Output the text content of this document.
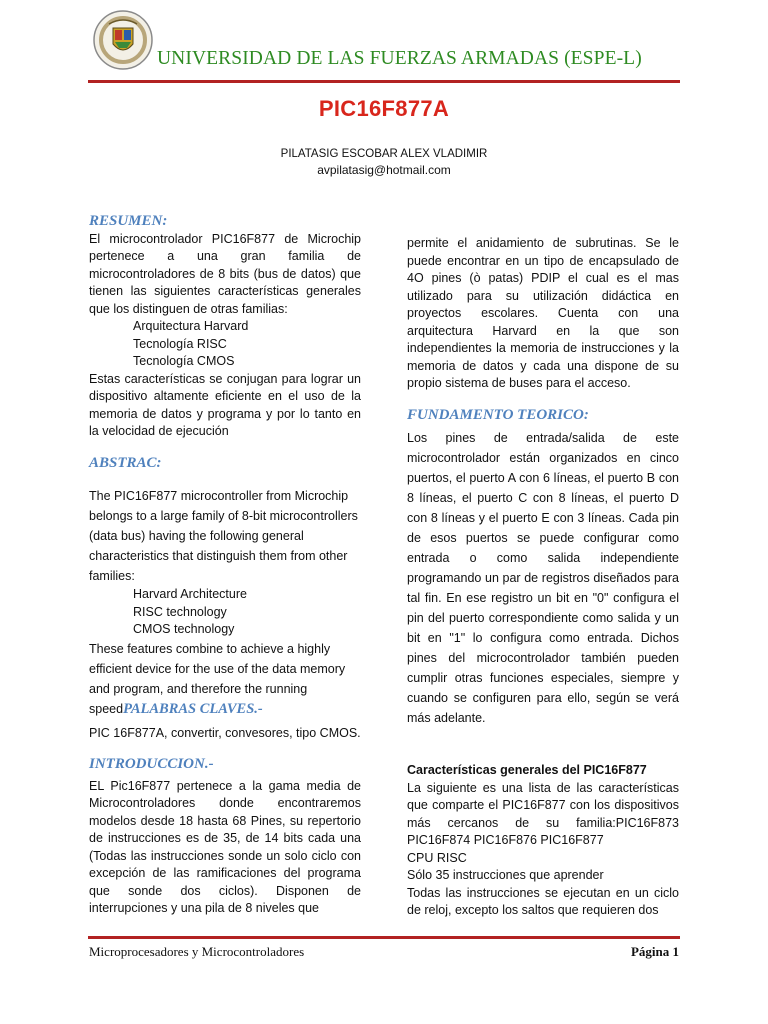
UNIVERSIDAD DE LAS FUERZAS ARMADAS (ESPE-L)
PIC16F877A
PILATASIG ESCOBAR ALEX VLADIMIR
avpilatasig@hotmail.com
RESUMEN:

El microcontrolador PIC16F877 de Microchip pertenece a una gran familia de microcontroladores de 8 bits (bus de datos) que tienen las siguientes características generales que los distinguen de otras familias:

Arquitectura Harvard
Tecnología RISC
Tecnología CMOS

Estas características se conjugan para lograr un dispositivo altamente eficiente en el uso de la memoria de datos y programa y por lo tanto en la velocidad de ejecución

ABSTRAC:

The PIC16F877 microcontroller from Microchip belongs to a large family of 8-bit microcontrollers (data bus) having the following general characteristics that distinguish them from other families:

Harvard Architecture
RISC technology
CMOS technology

These features combine to achieve a highly efficient device for the use of the data memory and program, and therefore the running speedPALABRAS CLAVES.-

PIC 16F877A, convertir, convesores, tipo CMOS.

INTRODUCCION.-

EL Pic16F877 pertenece a la gama media de Microcontroladores donde encontraremos modelos desde 18 hasta 68 Pines, su repertorio de instrucciones es de 35, de 14 bits cada una (Todas las instrucciones sonde un solo ciclo con excepción de las ramificaciones del programa que sonde dos ciclos). Disponen de interrupciones y una pila de 8 niveles que

permite el anidamiento de subrutinas. Se le puede encontrar en un tipo de encapsulado de 4O pines (ò patas) PDIP el cual es el mas utilizado para su utilización didáctica en proyectos escolares. Cuenta con una arquitectura Harvard en la que son independientes la memoria de instrucciones y la memoria de datos y cada una dispone de su propio sistema de buses para el acceso.

FUNDAMENTO TEORICO:

Los pines de entrada/salida de este microcontrolador están organizados en cinco puertos, el puerto A con 6 líneas, el puerto B con 8 líneas, el puerto C con 8 líneas, el puerto D con 8 líneas y el puerto E con 3 líneas. Cada pin de esos puertos se puede configurar como entrada o como salida independiente programando un par de registros diseñados para tal fin. En ese registro un bit en "0" configura el pin del puerto correspondiente como salida y un bit en "1" lo configura como entrada. Dichos pines del microcontrolador también pueden cumplir otras funciones especiales, siempre y cuando se configuren para ello, según se verá más adelante.

Características generales del PIC16F877

La siguiente es una lista de las características que comparte el PIC16F877 con los dispositivos más cercanos de su familia:PIC16F873 PIC16F874 PIC16F876 PIC16F877

CPU RISC

Sólo 35 instrucciones que aprender

Todas las instrucciones se ejecutan en un ciclo de reloj, excepto los saltos que requieren dos

Microprocesadores y Microcontroladores	Página 1
